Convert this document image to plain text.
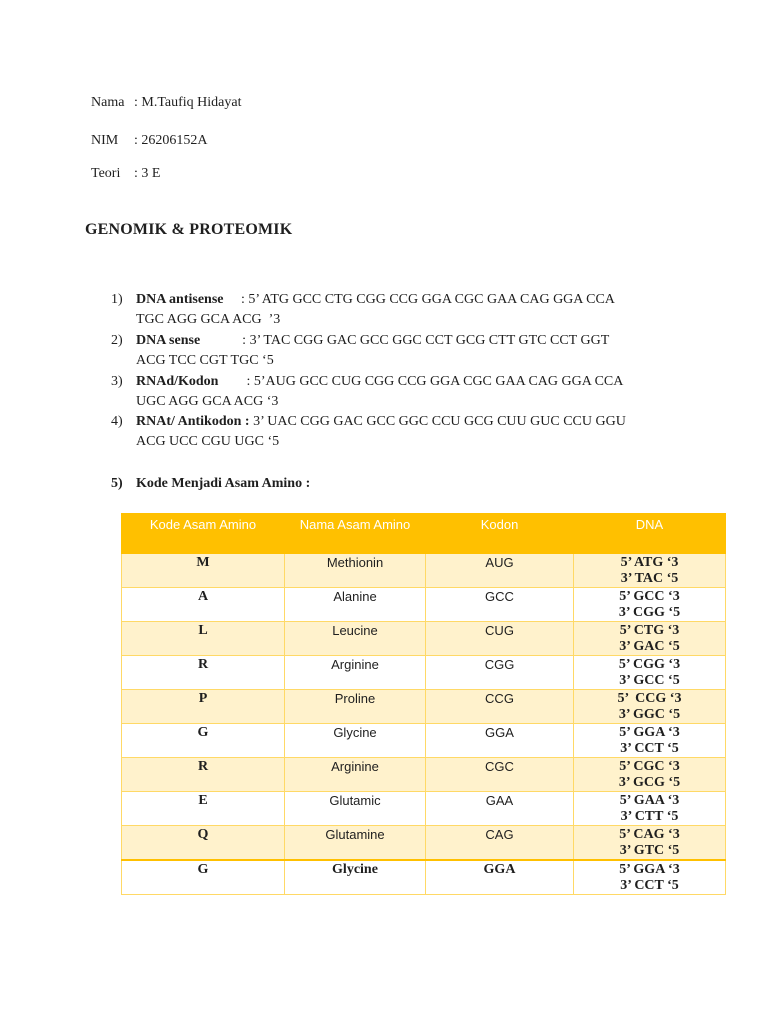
Nama : M.Taufiq Hidayat
NIM : 26206152A
Teori : 3 E
GENOMIK & PROTEOMIK
1) DNA antisense     : 5’ ATG GCC CTG CGG CCG GGA CGC GAA CAG GGA CCA
TGC AGG GCA ACG  ’3
2) DNA sense            : 3’ TAC CGG GAC GCC GGC CCT GCG CTT GTC CCT GGT
ACG TCC CGT TGC ‘5
3) RNAd/Kodon        : 5’AUG GCC CUG CGG CCG GGA CGC GAA CAG GGA CCA
UGC AGG GCA ACG ‘3
4) RNAt/ Antikodon : 3’ UAC CGG GAC GCC GGC CCU GCG CUU GUC CCU GGU
ACG UCC CGU UGC ‘5
5) Kode Menjadi Asam Amino :
Kode Asam Amino	Nama Asam Amino	Kodon	DNA
M	Methionin	AUG	5’ ATG ‘3
3’ TAC ‘5
A	Alanine	GCC	5’ GCC ‘3
3’ CGG ‘5
L	Leucine	CUG	5’ CTG ‘3
3’ GAC ‘5
R	Arginine	CGG	5’ CGG ‘3
3’ GCC ‘5
P	Proline	CCG	5’  CCG ‘3
3’ GGC ‘5
G	Glycine	GGA	5’ GGA ‘3
3’ CCT ‘5
R	Arginine	CGC	5’ CGC ‘3
3’ GCG ‘5
E	Glutamic	GAA	5’ GAA ‘3
3’ CTT ‘5
Q	Glutamine	CAG	5’ CAG ‘3
3’ GTC ‘5
G	Glycine	GGA	5’ GGA ‘3
3’ CCT ‘5
